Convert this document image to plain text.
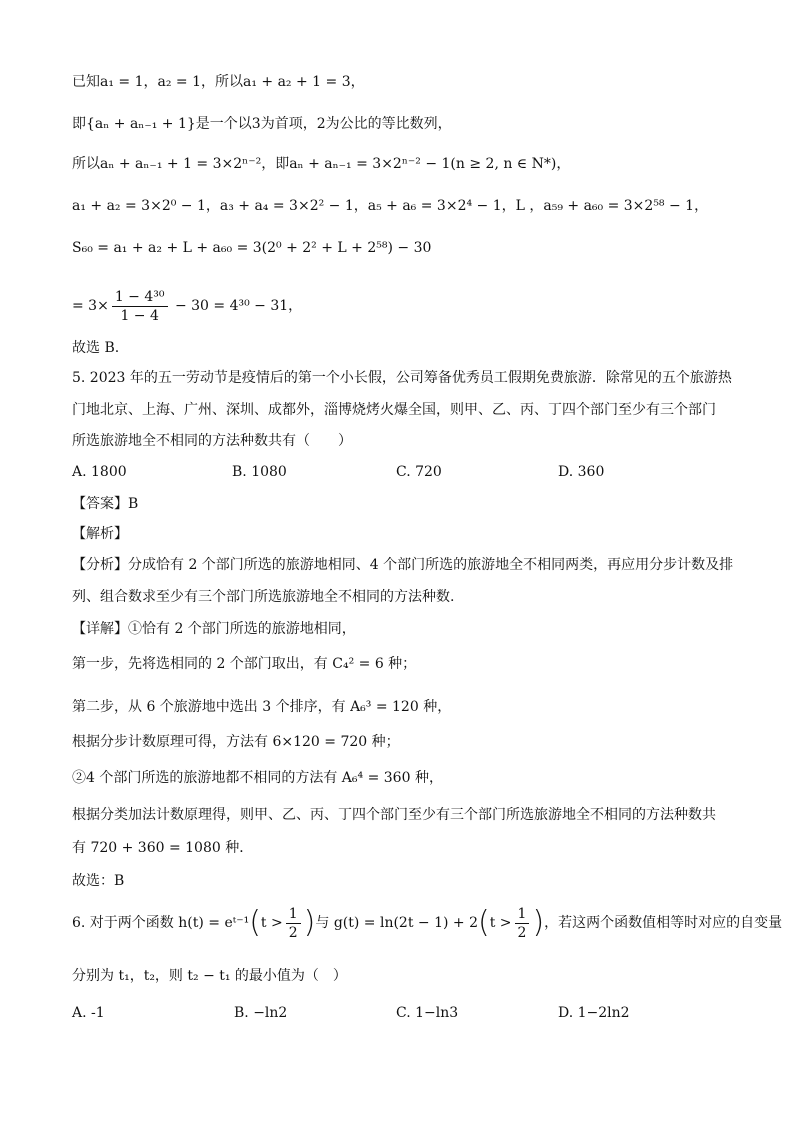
已知a₁ = 1，a₂ = 1，所以a₁ + a₂ + 1 = 3，
即{aₙ + aₙ₋₁ + 1}是一个以3为首项，2为公比的等比数列，
所以aₙ + aₙ₋₁ + 1 = 3×2ⁿ⁻²，即aₙ + aₙ₋₁ = 3×2ⁿ⁻² − 1(n ≥ 2, n ∈ N*)，
a₁ + a₂ = 3×2⁰ − 1，a₃ + a₄ = 3×2² − 1，a₅ + a₆ = 3×2⁴ − 1，L ，a₅₉ + a₆₀ = 3×2⁵⁸ − 1，
S₆₀ = a₁ + a₂ + L + a₆₀ = 3(2⁰ + 2² + L + 2⁵⁸) − 30
= $3\times \frac{\text{1 − 4³⁰}}{1 - 4} - 30 = 4^{30} - 31$，
故选 B.
5. 2023 年的五一劳动节是疫情后的第一个小长假，公司筹备优秀员工假期免费旅游．除常见的五个旅游热
门地北京、上海、广州、深圳、成都外，淄博烧烤火爆全国，则甲、乙、丙、丁四个部门至少有三个部门
所选旅游地全不相同的方法种数共有（　　）
A. 1800	B. 1080	C. 720	D. 360
【答案】B
【解析】
【分析】分成恰有 2 个部门所选的旅游地相同、4 个部门所选的旅游地全不相同两类，再应用分步计数及排
列、组合数求至少有三个部门所选旅游地全不相同的方法种数.
【详解】①恰有 2 个部门所选的旅游地相同，
第一步，先将选相同的 2 个部门取出，有 C₄² = 6 种；
第二步，从 6 个旅游地中选出 3 个排序，有 A₆³ = 120 种，
根据分步计数原理可得，方法有 6×120 = 720 种；
②4 个部门所选的旅游地都不相同的方法有 A₆⁴ = 360 种，
根据分类加法计数原理得，则甲、乙、丙、丁四个部门至少有三个部门所选旅游地全不相同的方法种数共
有 720 + 360 = 1080 种．
故选：B
6. 对于两个函数 h(t) = eᵗ⁻¹(t > $\frac{1}{2}$ )与 $g(t) = \ln(2t - 1) + 2(t > \frac{1}{2}$ )，若这两个函数值相等时对应的自变量
分别为 t₁，t₂，则 t₂ − t₁ 的最小值为（　）
A. -1	B. −ln2	C. 1−ln3	D. 1−2ln2
